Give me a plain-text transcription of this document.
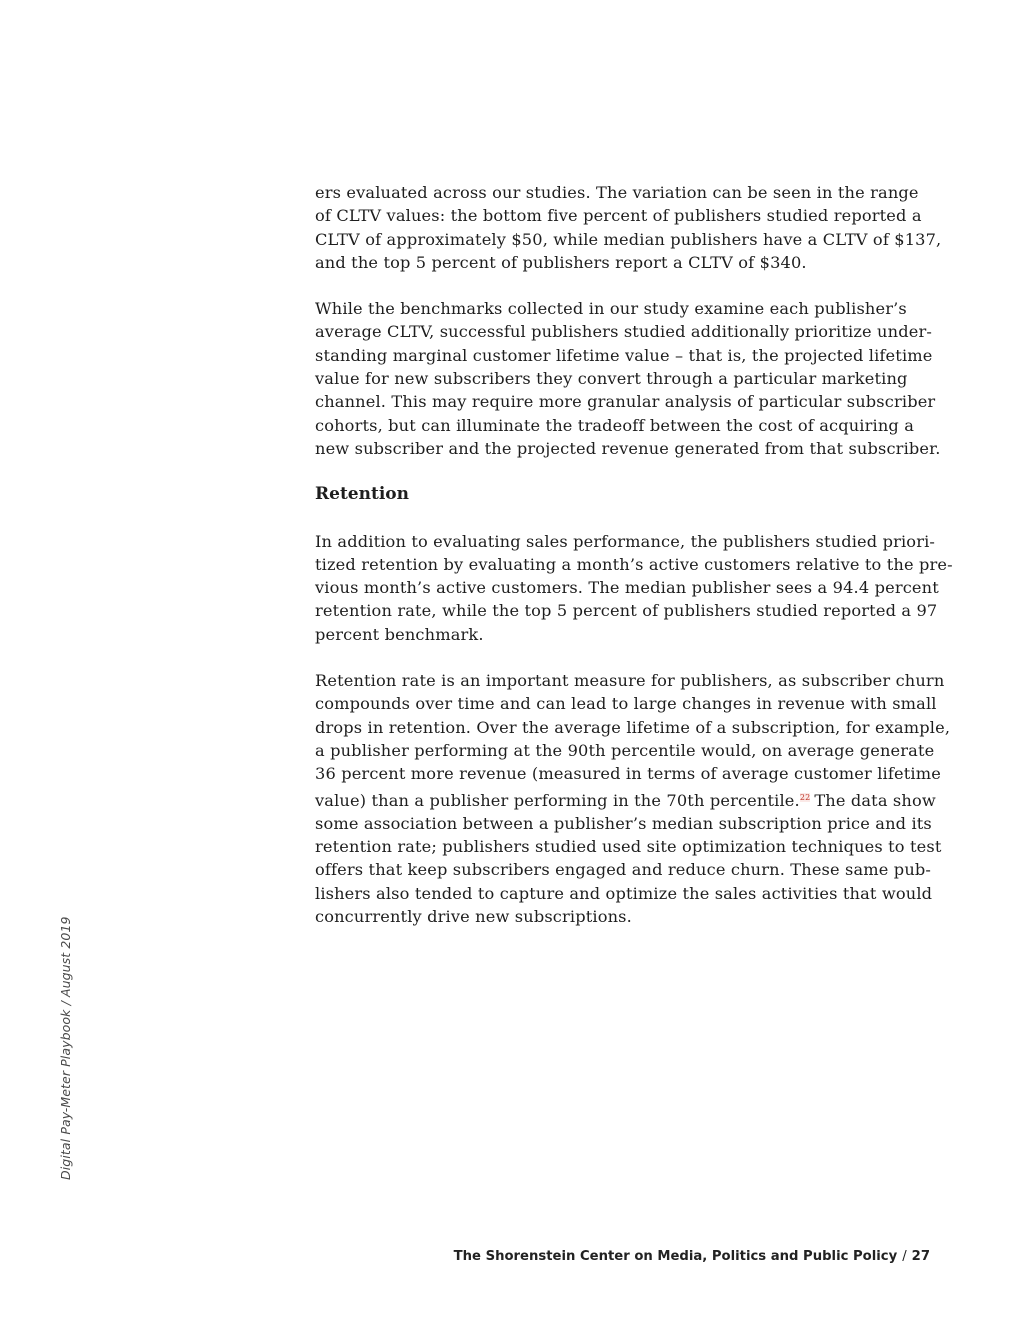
ers evaluated across our studies. The variation can be seen in the range
of CLTV values: the bottom five percent of publishers studied reported a
CLTV of approximately $50, while median publishers have a CLTV of $137,
and the top 5 percent of publishers report a CLTV of $340.

While the benchmarks collected in our study examine each publisher’s
average CLTV, successful publishers studied additionally prioritize under-
standing marginal customer lifetime value – that is, the projected lifetime
value for new subscribers they convert through a particular marketing
channel. This may require more granular analysis of particular subscriber
cohorts, but can illuminate the tradeoff between the cost of acquiring a
new subscriber and the projected revenue generated from that subscriber.

Retention

In addition to evaluating sales performance, the publishers studied priori-
tized retention by evaluating a month’s active customers relative to the pre-
vious month’s active customers. The median publisher sees a 94.4 percent
retention rate, while the top 5 percent of publishers studied reported a 97
percent benchmark.

Retention rate is an important measure for publishers, as subscriber churn
compounds over time and can lead to large changes in revenue with small
drops in retention. Over the average lifetime of a subscription, for example,
a publisher performing at the 90th percentile would, on average generate
36 percent more revenue (measured in terms of average customer lifetime
value) than a publisher performing in the 70th percentile.$^{22}$ The data show
some association between a publisher’s median subscription price and its
retention rate; publishers studied used site optimization techniques to test
offers that keep subscribers engaged and reduce churn. These same pub-
lishers also tended to capture and optimize the sales activities that would
concurrently drive new subscriptions.

Digital Pay-Meter Playbook / August 2019
The Shorenstein Center on Media, Politics and Public Policy / 27
